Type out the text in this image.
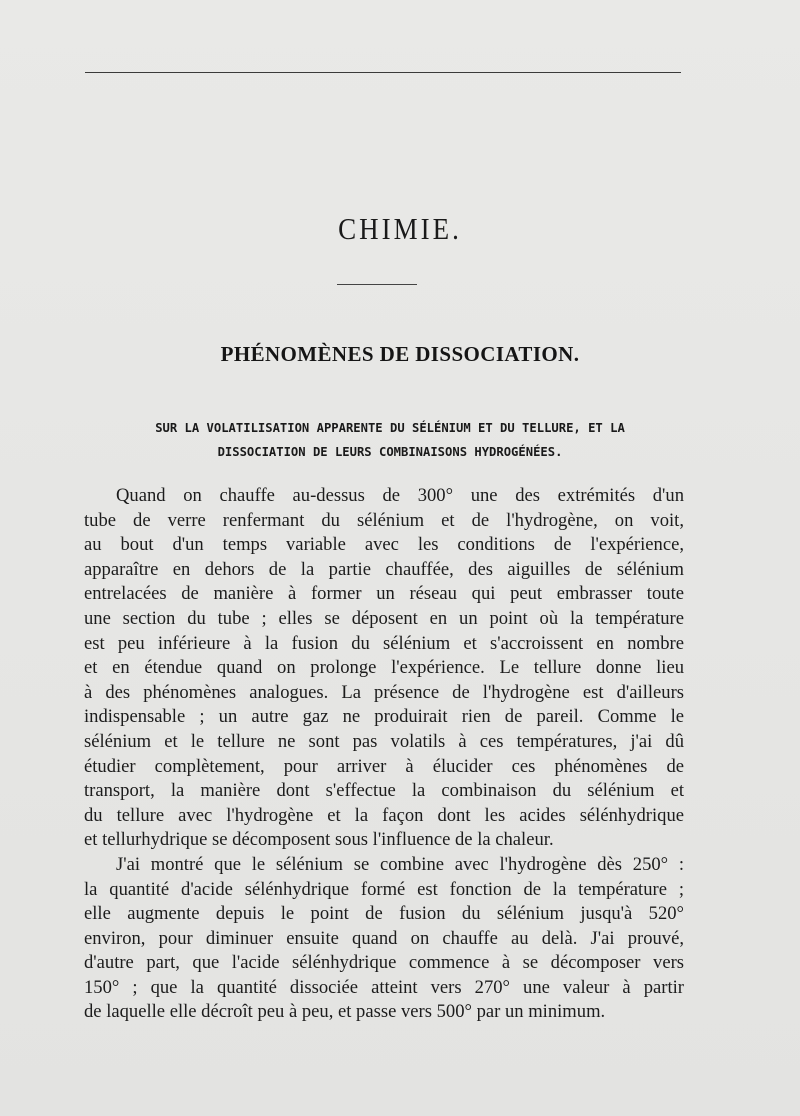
CHIMIE.
PHÉNOMÈNES DE DISSOCIATION.
SUR LA VOLATILISATION APPARENTE DU SÉLÉNIUM ET DU TELLURE, ET LA
DISSOCIATION DE LEURS COMBINAISONS HYDROGÉNÉES.
Quand on chauffe au-dessus de 300° une des extrémités d'un
tube de verre renfermant du sélénium et de l'hydrogène, on voit,
au bout d'un temps variable avec les conditions de l'expérience,
apparaître en dehors de la partie chauffée, des aiguilles de sélénium
entrelacées de manière à former un réseau qui peut embrasser toute
une section du tube ; elles se déposent en un point où la température
est peu inférieure à la fusion du sélénium et s'accroissent en nombre
et en étendue quand on prolonge l'expérience. Le tellure donne lieu
à des phénomènes analogues. La présence de l'hydrogène est d'ailleurs
indispensable ; un autre gaz ne produirait rien de pareil. Comme le
sélénium et le tellure ne sont pas volatils à ces températures, j'ai dû
étudier complètement, pour arriver à élucider ces phénomènes de
transport, la manière dont s'effectue la combinaison du sélénium et
du tellure avec l'hydrogène et la façon dont les acides sélénhydrique
et tellurhydrique se décomposent sous l'influence de la chaleur.
J'ai montré que le sélénium se combine avec l'hydrogène dès 250° :
la quantité d'acide sélénhydrique formé est fonction de la température ;
elle augmente depuis le point de fusion du sélénium jusqu'à 520°
environ, pour diminuer ensuite quand on chauffe au delà. J'ai prouvé,
d'autre part, que l'acide sélénhydrique commence à se décomposer vers
150° ; que la quantité dissociée atteint vers 270° une valeur à partir
de laquelle elle décroît peu à peu, et passe vers 500° par un minimum.
